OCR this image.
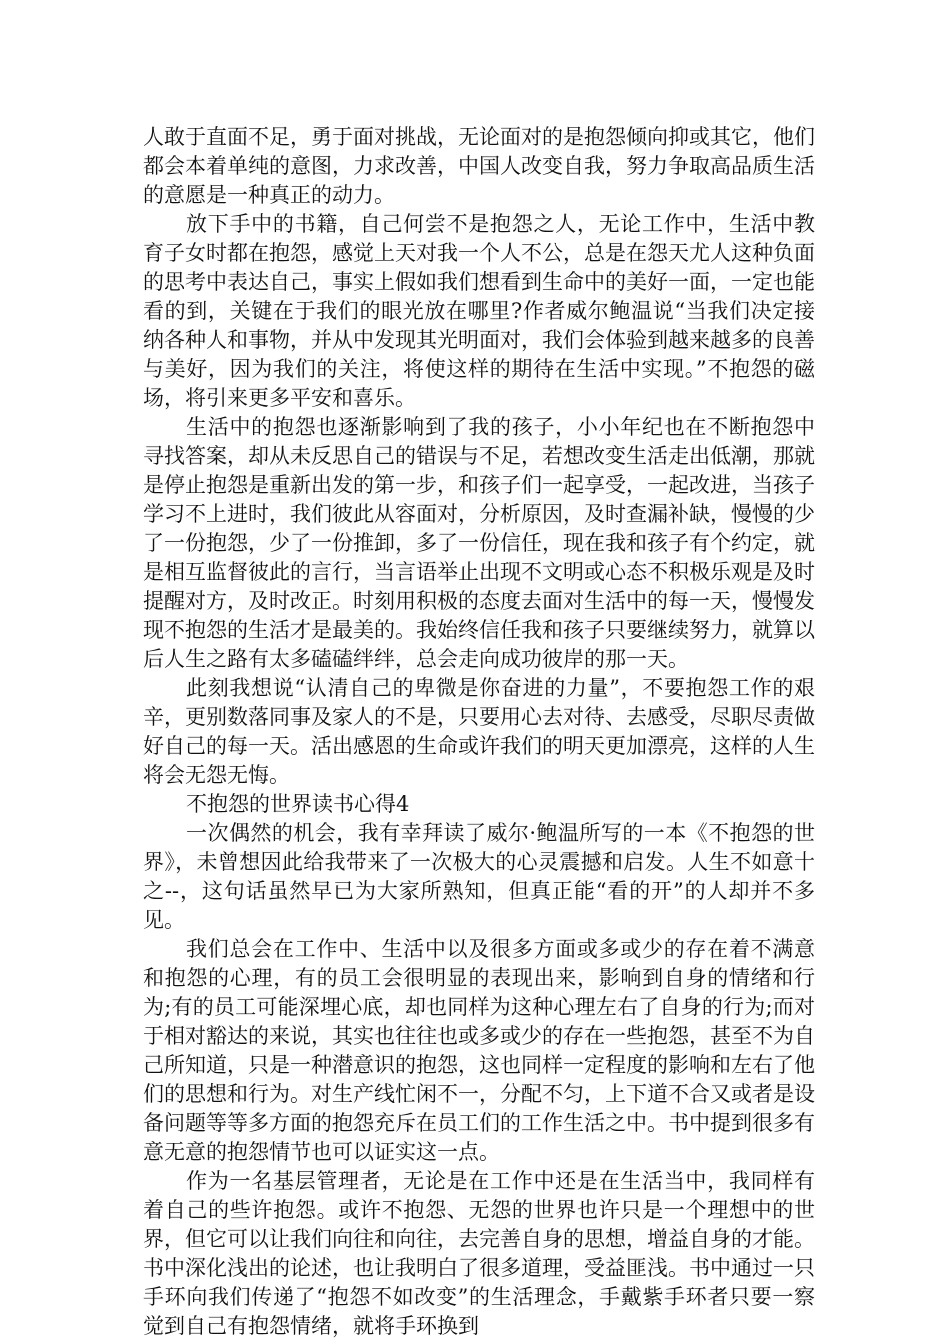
人敢于直面不足，勇于面对挑战，无论面对的是抱怨倾向抑或其它，他们都会本着单纯的意图，力求改善，中国人改变自我，努力争取高品质生活的意愿是一种真正的动力。

放下手中的书籍，自己何尝不是抱怨之人，无论工作中，生活中教育子女时都在抱怨，感觉上天对我一个人不公，总是在怨天尤人这种负面的思考中表达自己，事实上假如我们想看到生命中的美好一面，一定也能看的到，关键在于我们的眼光放在哪里?作者威尔鲍温说“当我们决定接纳各种人和事物，并从中发现其光明面对，我们会体验到越来越多的良善与美好，因为我们的关注，将使这样的期待在生活中实现。”不抱怨的磁场，将引来更多平安和喜乐。

生活中的抱怨也逐渐影响到了我的孩子，小小年纪也在不断抱怨中寻找答案，却从未反思自己的错误与不足，若想改变生活走出低潮，那就是停止抱怨是重新出发的第一步，和孩子们一起享受，一起改进，当孩子学习不上进时，我们彼此从容面对，分析原因，及时查漏补缺，慢慢的少了一份抱怨，少了一份推卸，多了一份信任，现在我和孩子有个约定，就是相互监督彼此的言行，当言语举止出现不文明或心态不积极乐观是及时提醒对方，及时改正。时刻用积极的态度去面对生活中的每一天，慢慢发现不抱怨的生活才是最美的。我始终信任我和孩子只要继续努力，就算以后人生之路有太多磕磕绊绊，总会走向成功彼岸的那一天。

此刻我想说“认清自己的卑微是你奋进的力量”，不要抱怨工作的艰辛，更别数落同事及家人的不是，只要用心去对待、去感受，尽职尽责做好自己的每一天。活出感恩的生命或许我们的明天更加漂亮，这样的人生将会无怨无悔。

不抱怨的世界读书心得4

一次偶然的机会，我有幸拜读了威尔·鲍温所写的一本《不抱怨的世界》，未曾想因此给我带来了一次极大的心灵震撼和启发。人生不如意十之--，这句话虽然早已为大家所熟知，但真正能“看的开”的人却并不多见。

我们总会在工作中、生活中以及很多方面或多或少的存在着不满意和抱怨的心理，有的员工会很明显的表现出来，影响到自身的情绪和行为;有的员工可能深埋心底，却也同样为这种心理左右了自身的行为;而对于相对豁达的来说，其实也往往也或多或少的存在一些抱怨，甚至不为自己所知道，只是一种潜意识的抱怨，这也同样一定程度的影响和左右了他们的思想和行为。对生产线忙闲不一，分配不匀，上下道不合又或者是设备问题等等多方面的抱怨充斥在员工们的工作生活之中。书中提到很多有意无意的抱怨情节也可以证实这一点。

作为一名基层管理者，无论是在工作中还是在生活当中，我同样有着自己的些许抱怨。或许不抱怨、无怨的世界也许只是一个理想中的世界，但它可以让我们向往和向往，去完善自身的思想，增益自身的才能。书中深化浅出的论述，也让我明白了很多道理，受益匪浅。书中通过一只手环向我们传递了“抱怨不如改变”的生活理念，手戴紫手环者只要一察觉到自己有抱怨情绪，就将手环换到
